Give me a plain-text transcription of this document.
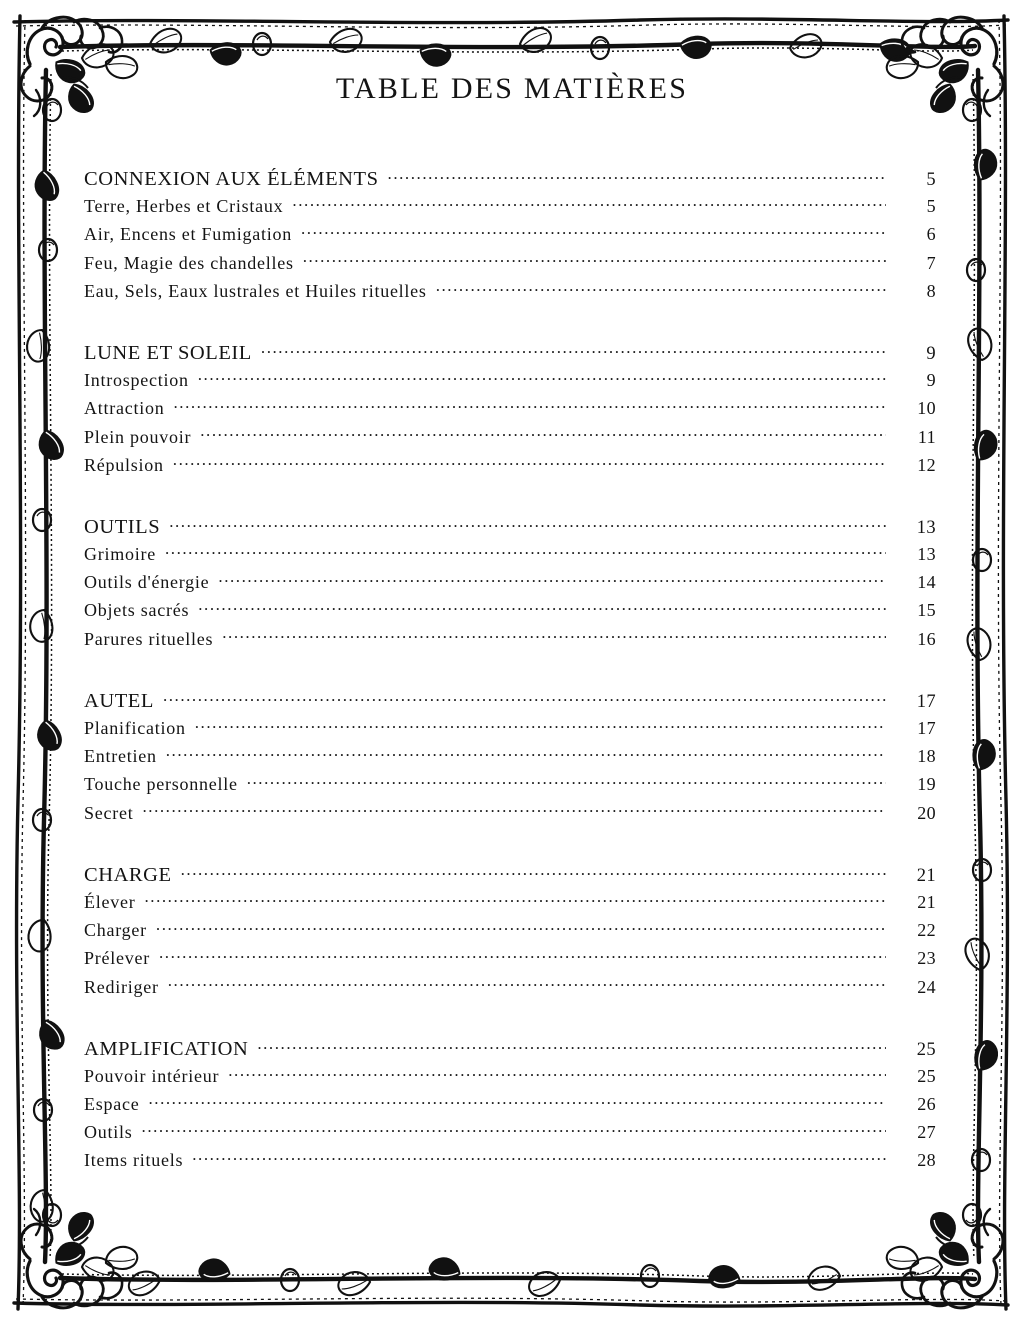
TABLE DES MATIÈRES
CONNEXION AUX ÉLÉMENTS .....	5
Terre, Herbes et Cristaux .....	5
Air, Encens et Fumigation .....	6
Feu, Magie des chandelles .....	7
Eau, Sels, Eaux lustrales et Huiles rituelles .....	8
LUNE ET SOLEIL .....	9
Introspection .....	9
Attraction .....	10
Plein pouvoir .....	11
Répulsion .....	12
OUTILS .....	13
Grimoire .....	13
Outils d'énergie .....	14
Objets sacrés .....	15
Parures rituelles .....	16
AUTEL .....	17
Planification .....	17
Entretien .....	18
Touche personnelle .....	19
Secret .....	20
CHARGE .....	21
Élever .....	21
Charger .....	22
Prélever .....	23
Rediriger .....	24
AMPLIFICATION .....	25
Pouvoir intérieur .....	25
Espace .....	26
Outils .....	27
Items rituels .....	28
